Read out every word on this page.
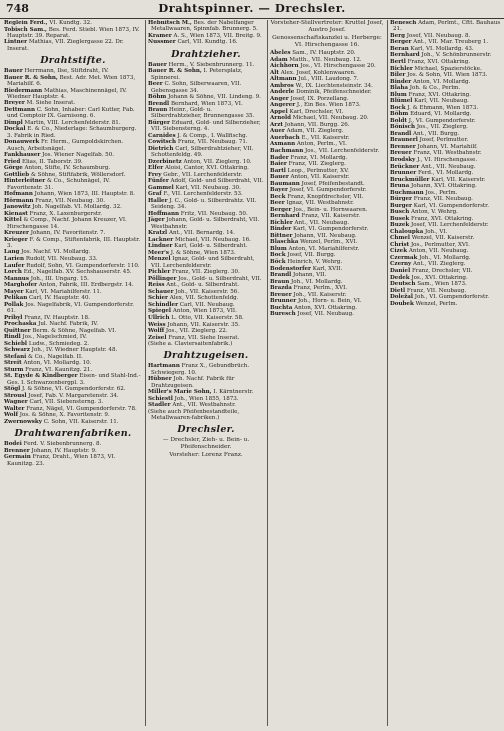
748	Drahtspinner. — Drechsler.
Reglein Ferd., VI. Kundtg. 32.
Tobisch Sam., Bes. Ferd. Stiebl. Wien 1873, IV. Hauptstr. 39. Reparat.
Lintner Mathias, VII. Zieglergasse 22. Dr. Inserat.
Drahtstifte.
Bauer Herrmann, Ilse, Stiftdraht, IV.
Bauer R. & Sohn, Best. Adr. Met. Wien 1873, Mariahilf. 6.
Biedermann Mathias, Maschinennägel, IV. Wiedner Hauptstr. 4.
Breyer M. Siehe Inserat.
Dettmann C. Sohn, Inhaber: Carl Kutter, Fab. und Comptoir IX. Garnisong. 6.
Dimpl Martin, VIII. Lerchenfelderstr. 81.
Dockal E. & Co., Niederlage: Schaumburgerg. 3. Fabrik in Ried.
Donauwerk Fr. Herm., Gumpoldskirchen. Ausch, Arbeitsnägel.
Fankhauser Jos. Wiener Nagelfab. 50.
Fried Elias, II. Taborstr. 39.
Görge Anton, Stifte, IV. Schaumburg.
Gottlieb & Söhne, Stiftfabrik, Wöllersdorf.
Hinterleitner & Co., Schuhnägel, IV. Favoritenstr. 31.
Hofmann Johann, Wien 1873, III. Hauptstr. 8.
Hörmann Franz, VII. Neubaug. 30.
Janowitz Joh. Nagelfab. VI. Mollardg. 32.
Kienast Franz, X. Laxenburgerstr.
Kittel & Comp., Nachf. Johann Kreuzer, VI. Hirschengasse 14.
Kreuzer Johann, IV. Favoritenstr. 7.
Krieger F. & Comp., Stiftenfabrik, III. Hauptstr. 3.
Lang Jos. Nachf. VI. Mollardg.
Larien Rudolf, VII. Neubaug. 33.
Laufer Rudolf, Sohn, VI. Gumpendorferstr. 110.
Lorch Ed., Nagelfab. XV. Sechshauserstr. 45.
Mannus Joh., III. Ungarg. 15.
Marghofer Anton, Fabrik, III. Erdbergstr. 14.
Mayer Karl, VI. Mariahilferstr. 11.
Pelikan Carl, IV. Hauptstr. 40.
Pollak Jos. Nagelfabrik, VI. Gumpendorferstr. 61.
Pribyl Franz, IV. Hauptstr. 18.
Prochaska Jul. Nachf. Fabrik, IV.
Quittner Berm. & Söhne, Nagelfab. VI.
Rindl Jos., Nagelschmied, IV.
Schiebl Ludw., Schmiedeg. 2.
Schwarz Joh., IV. Wiedner Hauptstr. 48.
Stefani & Co., Nagelfab. II.
Streit Anton, VI. Mollardg. 10.
Sturm Franz, VI. Kaunitzg. 21.
St. Egyde & Kindberger Eisen- und Stahl-Ind.-Ges. I. Schwarzenbergpl. 3.
Stögl J. & Söhne, VI. Gumpendorferstr. 62.
Strousl Josef, Fab. V. Margaretenstr. 34.
Wagner Carl, VII. Siebensterng. 3.
Walter Franz, Nägel, VI. Gumpendorferstr. 78.
Wolf Jos. & Söhne, X. Favoritenstr. 9.
Zwernowsky C. Sohn, VII. Kaiserstr. 11.
Drahtwarenfabriken.
Bodei Ferd. V. Siebenbrunnerg. 8.
Brenner Johann, IV. Hauptstr. 9.
Germain Franz, Draht., Wien 1873, VI. Kaunitzg. 23.
Hebnitsch M., Bes. der Nabelfanger Metallwaaren, Spinnfab. Brunnerg. 5.
Kramer A. S., Wien 1873, VII. Breitg. 9.
Nussmer Carl, VII. Kundtg. 16.
Drahtzieher.
Bauer Herm., V. Siebenbrunnerg. 11.
Bauer R. & Sohn, I. Petersplatz, Spinnerei.
Beer C. Sohn, Silberwaaren, VII. Gebensgasse 34.
Böhm Johann & Söhne, VII. Lindeng. 9.
Brendl Bernhard, Wien 1873, VI.
Braun Heinr., Gold- u. Silberdrahtzieher, Brunnengasse 35.
Bürger Eduard, Gold- und Silberzieher, VII. Siebensterng. 4.
Carnides J. & Comp., I. Wallfischg.
Cowitsch Franz, VII. Neubaug. 71.
Dietrich Carl, Silberdrahtzieher, VII. Schottenfeldg. 49.
Dzerbinetz Anton, VII. Zieglerg. 10.
Elfer Aloisi, Cantor, XVI. Ottakring.
Frey Gebr., VII. Lerchenfelderstr.
Fünfer Adolf, Gold- und Silberdraht, VII.
Gammel Karl, VII. Neubaug. 30.
Graf F., VII. Lerchenfelderstr. 53.
Haller J. C., Gold- u. Silberdrahtz. VII. Seideng. 34.
Hoffmann Fritz, VII. Neubaug. 50.
Jäger Johann, Gold- u. Silberdraht, VII. Westbahnstr.
Kratzl Ant., VII. Bernardg. 14.
Lackner Michael, VII. Neubaug. 16.
Lindner Karl, Gold- u. Silberdraht.
Meer's J. & Söhne, Wien 1873.
Menzel Ignaz, Gold- und Silberdraht, VII. Lerchenfelderstr.
Pichler Franz, VII. Zieglerg. 30.
Pöllinger Jos., Gold- u. Silberdraht, VII.
Reiss Ant., Gold- u. Silberdraht.
Schauer Joh., VII. Kaiserstr. 56.
Schier Alex, VII. Schottenfeldg.
Schindler Carl, VII. Neubaug.
Spiegel Anton, Wien 1873, VII.
Ullrich L. Otto, VII. Kaiserstr. 58.
Weiss Johann, VII. Kaiserstr. 35.
Wolff Jos., VII. Zieglerg. 22.
Zeisel Franz, VII. Siehe Inserat.
(Siehe a. Claviersaitenfabrik.)
Drahtzugeisen.
Hartmann Franz X., Gebundbrüch. Schwiegerg. 10.
Hübner Joh. Nachf. Fabrik für Drahtzugeisen.
Miller's Marie Sohn, I. Kärntnerstr.
Schiestl Joh., Wien 1855, 1873.
Stadler Ant., VII. Westbahnstr.
(Siehe auch Pfeifenbestandteile, Metallwaaren-fabriken.)
Drechsler.
— Drechsler, Zieh- u. Bein- u. Pfeifenschneider.
Vorsteher: Lorenz Franz.
Vorsteher-Stellvertreter: Kruttel Josef, Austro Josef.
Genossenschaftskanzlei u. Herberge: VI. Hirschengasse 16.
Abeles Sam., IV. Hauptstr. 20.
Adam Matth., VII. Neubaug. 12.
Aichhorn Jos., VI. Hirschengasse 20.
Alt Alex. Josef, Kohlenwaaren.
Altmann Jul., VIII. Laudong. 7.
Ambros W., IX. Liechtensteinstr. 34.
Anderle Dominik, Pfeifenschneider.
Anger Josef, IX. Porzellang.
Angerer J., Ein Bes. Wien 1873.
Appel Karl, Drechsler, VI.
Arnold Michael, VII. Neubaug. 20.
Arzt Johann, VII. Burgg. 26.
Auer Adam, VII. Zieglerg.
Auerbach E., VII. Kaiserstr.
Axmann Anton, Perlm., VI.
Bachmann Jos., VII. Lerchenfelderstr.
Bader Franz, VI. Mollardg.
Baier Franz, VII. Zieglerg.
Bartl Leop., Perlmutter, XV.
Bauer Anton, VII. Kaiserstr.
Baumann Josef, Pfeifenbestandt.
Bayer Josef, VI. Gumpendorferstr.
Beck Franz, Knopfdrechsler, VII.
Beer Ignaz, VII. Westbahnstr.
Berger Jos., Bein- u. Hornwaaren.
Bernhard Franz, VII. Kaiserstr.
Bichler Ant., VII. Neubaug.
Binder Karl, VI. Gumpendorferstr.
Bittner Johann, VII. Neubaug.
Blaschka Wenzel, Perlm., XVI.
Blum Anton, VI. Mariahilferstr.
Bock Josef, VII. Burgg.
Böck Heinrich, V. Wehrg.
Bodenstorfer Karl, XVII.
Brandl Johann, VII.
Braun Joh., VI. Mollardg.
Brazda Franz, Perlm., XVI.
Breuer Joh., VII. Kaiserstr.
Brunner Joh., Horn- u. Bein, VI.
Buchta Anton, XVI. Ottakring.
Buresch Josef, VII. Neubaug.
Benesch Adam, Perlmt., Cftt. Bauhaus 21.
Berg Josef, VII. Neubaug. 8.
Berger Ant., VII. Mar. Treuberg 1.
Beran Karl, VI. Mollardg. 43.
Bernhard Joh., V. Schönbrunnerstr.
Bertl Franz, XVI. Ottakring.
Bichler Michael, Spazierstöcke.
Biler Jos. & Sohn, VII. Wien 1873.
Binder Anton, VI. Mollardg.
Blaha Joh. & Co., Perlm.
Blum Franz, XVI. Ottakring.
Blümel Karl, VII. Neubaug.
Bock J. & Ehmann, Wien 1873.
Böhm Eduard, VI. Mollardg.
Boldt J., VI. Gumpendorferstr.
Bönisch Jos., VII. Zieglerg.
Brandl Ant., VII. Burgg.
Braunerl Josef, Perlmutter.
Brenner Johann, VI. Mariahilf.
Breuer Franz, VII. Westbahnstr.
Brodsky J., VI. Hirschengasse.
Brückner Ant., VII. Neubaug.
Brunner Ferd., VI. Mollardg.
Bruckmüller Karl, VII. Kaiserstr.
Bruna Johann, XVI. Ottakring.
Buchmann Jos., Perlm.
Bürger Franz, VII. Neubaug.
Burger Karl, VI. Gumpendorferstr.
Busch Anton, V. Wehrg.
Busek Franz, XVI. Ottakring.
Buzek Josef, VII. Lerchenfelderstr.
Chaloupka Joh., VI.
Chmel Wenzel, VII. Kaiserstr.
Christ Jos., Perlmutter, XVI.
Cizek Anton, VII. Neubaug.
Czermak Joh., VI. Mollardg.
Czerny Ant., VII. Zieglerg.
Daniel Franz, Drechsler, VII.
Dedek Jos., XVI. Ottakring.
Deutsch Sam., Wien 1873.
Dietl Franz, VII. Neubaug.
Doležal Joh., VI. Gumpendorferstr.
Doubek Wenzel, Perlm.
